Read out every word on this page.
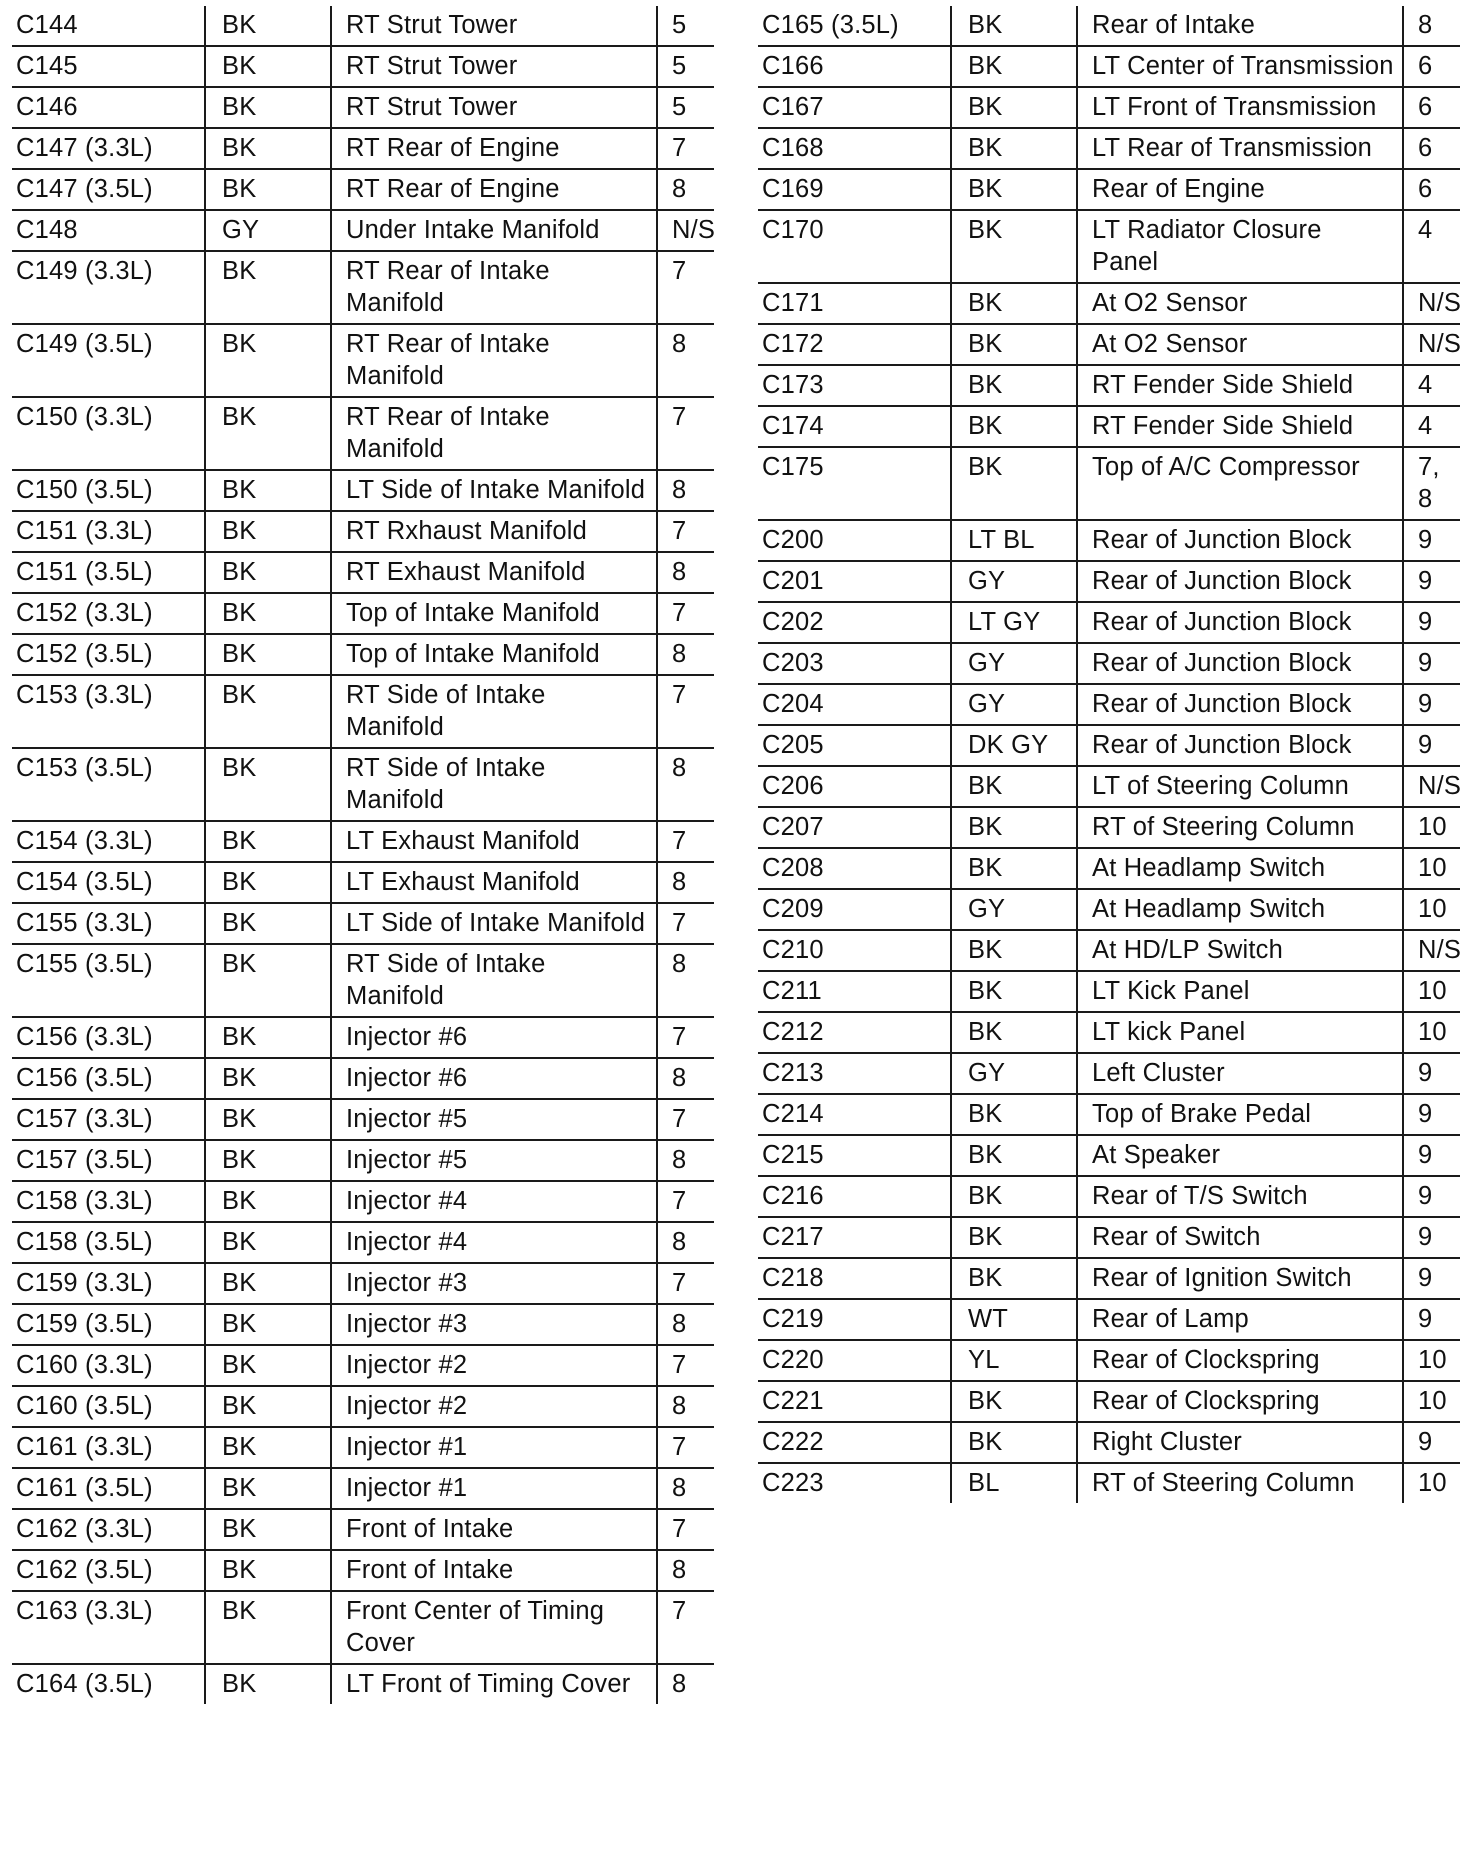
C144	BK	RT Strut Tower	5
C145	BK	RT Strut Tower	5
C146	BK	RT Strut Tower	5
C147 (3.3L)	BK	RT Rear of Engine	7
C147 (3.5L)	BK	RT Rear of Engine	8
C148	GY	Under Intake Manifold	N/S
C149 (3.3L)	BK	RT Rear of Intake Manifold	7
C149 (3.5L)	BK	RT Rear of Intake Manifold	8
C150 (3.3L)	BK	RT Rear of Intake Manifold	7
C150 (3.5L)	BK	LT Side of Intake Manifold	8
C151 (3.3L)	BK	RT Rxhaust Manifold	7
C151 (3.5L)	BK	RT Exhaust Manifold	8
C152 (3.3L)	BK	Top of Intake Manifold	7
C152 (3.5L)	BK	Top of Intake Manifold	8
C153 (3.3L)	BK	RT Side of Intake Manifold	7
C153 (3.5L)	BK	RT Side of Intake Manifold	8
C154 (3.3L)	BK	LT Exhaust Manifold	7
C154 (3.5L)	BK	LT Exhaust Manifold	8
C155 (3.3L)	BK	LT Side of Intake Manifold	7
C155 (3.5L)	BK	RT Side of Intake Manifold	8
C156 (3.3L)	BK	Injector #6	7
C156 (3.5L)	BK	Injector #6	8
C157 (3.3L)	BK	Injector #5	7
C157 (3.5L)	BK	Injector #5	8
C158 (3.3L)	BK	Injector #4	7
C158 (3.5L)	BK	Injector #4	8
C159 (3.3L)	BK	Injector #3	7
C159 (3.5L)	BK	Injector #3	8
C160 (3.3L)	BK	Injector #2	7
C160 (3.5L)	BK	Injector #2	8
C161 (3.3L)	BK	Injector #1	7
C161 (3.5L)	BK	Injector #1	8
C162 (3.3L)	BK	Front of Intake	7
C162 (3.5L)	BK	Front of Intake	8
C163 (3.3L)	BK	Front Center of Timing Cover	7
C164 (3.5L)	BK	LT Front of Timing Cover	8
C165 (3.5L)	BK	Rear of Intake	8
C166	BK	LT Center of Transmission	6
C167	BK	LT Front of Transmission	6
C168	BK	LT Rear of Transmission	6
C169	BK	Rear of Engine	6
C170	BK	LT Radiator Closure Panel	4
C171	BK	At O2 Sensor	N/S
C172	BK	At O2 Sensor	N/S
C173	BK	RT Fender Side Shield	4
C174	BK	RT Fender Side Shield	4
C175	BK	Top of A/C Compressor	7, 8
C200	LT BL	Rear of Junction Block	9
C201	GY	Rear of Junction Block	9
C202	LT GY	Rear of Junction Block	9
C203	GY	Rear of Junction Block	9
C204	GY	Rear of Junction Block	9
C205	DK GY	Rear of Junction Block	9
C206	BK	LT of Steering Column	N/S
C207	BK	RT of Steering Column	10
C208	BK	At Headlamp Switch	10
C209	GY	At Headlamp Switch	10
C210	BK	At HD/LP Switch	N/S
C211	BK	LT Kick Panel	10
C212	BK	LT kick Panel	10
C213	GY	Left Cluster	9
C214	BK	Top of Brake Pedal	9
C215	BK	At Speaker	9
C216	BK	Rear of T/S Switch	9
C217	BK	Rear of Switch	9
C218	BK	Rear of Ignition Switch	9
C219	WT	Rear of Lamp	9
C220	YL	Rear of Clockspring	10
C221	BK	Rear of Clockspring	10
C222	BK	Right Cluster	9
C223	BL	RT of Steering Column	10
